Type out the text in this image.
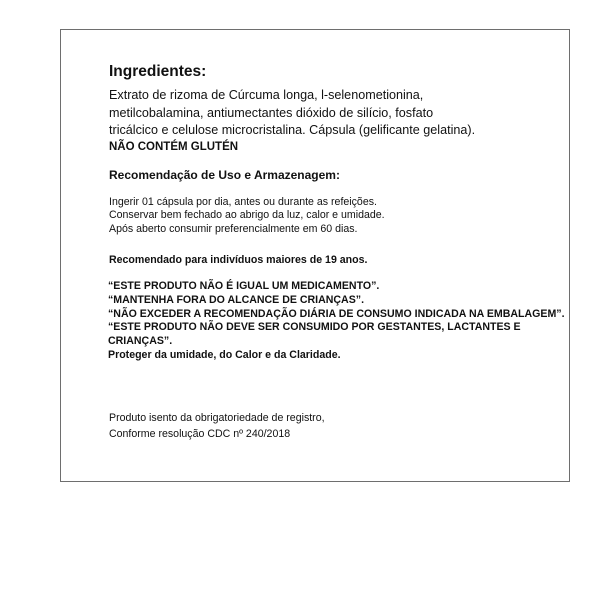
Ingredientes:
Extrato de rizoma de Cúrcuma longa, l-selenometionina,
metilcobalamina, antiumectantes dióxido de silício, fosfato
tricálcico e celulose microcristalina. Cápsula (gelificante gelatina).
NÃO CONTÉM GLUTÉN
Recomendação de Uso e Armazenagem:
Ingerir 01 cápsula por dia, antes ou durante as refeições.
Conservar bem fechado ao abrigo da luz, calor e umidade.
Após aberto consumir preferencialmente em 60 dias.
Recomendado para indivíduos maiores de 19 anos.
“ESTE PRODUTO NÃO É IGUAL UM MEDICAMENTO”.
“MANTENHA FORA DO ALCANCE DE CRIANÇAS”.
“NÃO EXCEDER A RECOMENDAÇÃO DIÁRIA DE CONSUMO INDICADA NA EMBALAGEM”.
“ESTE PRODUTO NÃO DEVE SER CONSUMIDO POR GESTANTES, LACTANTES E CRIANÇAS”.
Proteger da umidade, do Calor e da Claridade.
Produto isento da obrigatoriedade de registro,
Conforme resolução CDC nº 240/2018
